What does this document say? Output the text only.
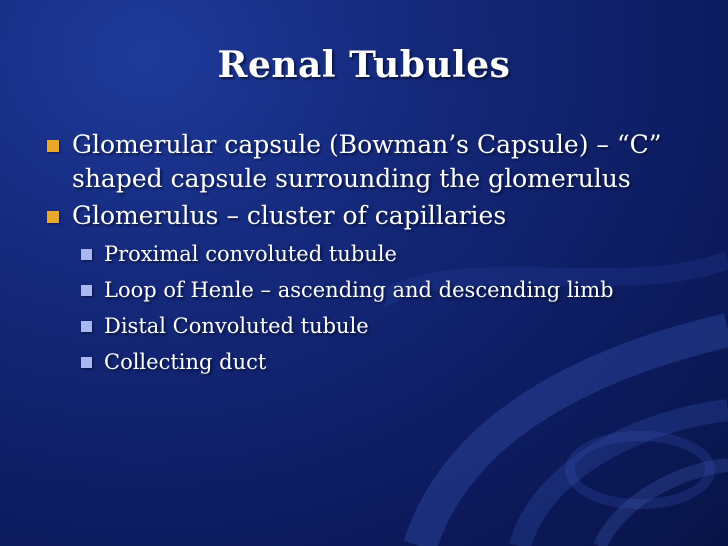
Renal Tubules
Glomerular capsule (Bowman’s Capsule) – “C” shaped capsule surrounding the glomerulus
Glomerulus – cluster of capillaries
Proximal convoluted tubule
Loop of Henle – ascending and descending limb
Distal Convoluted tubule
Collecting duct
